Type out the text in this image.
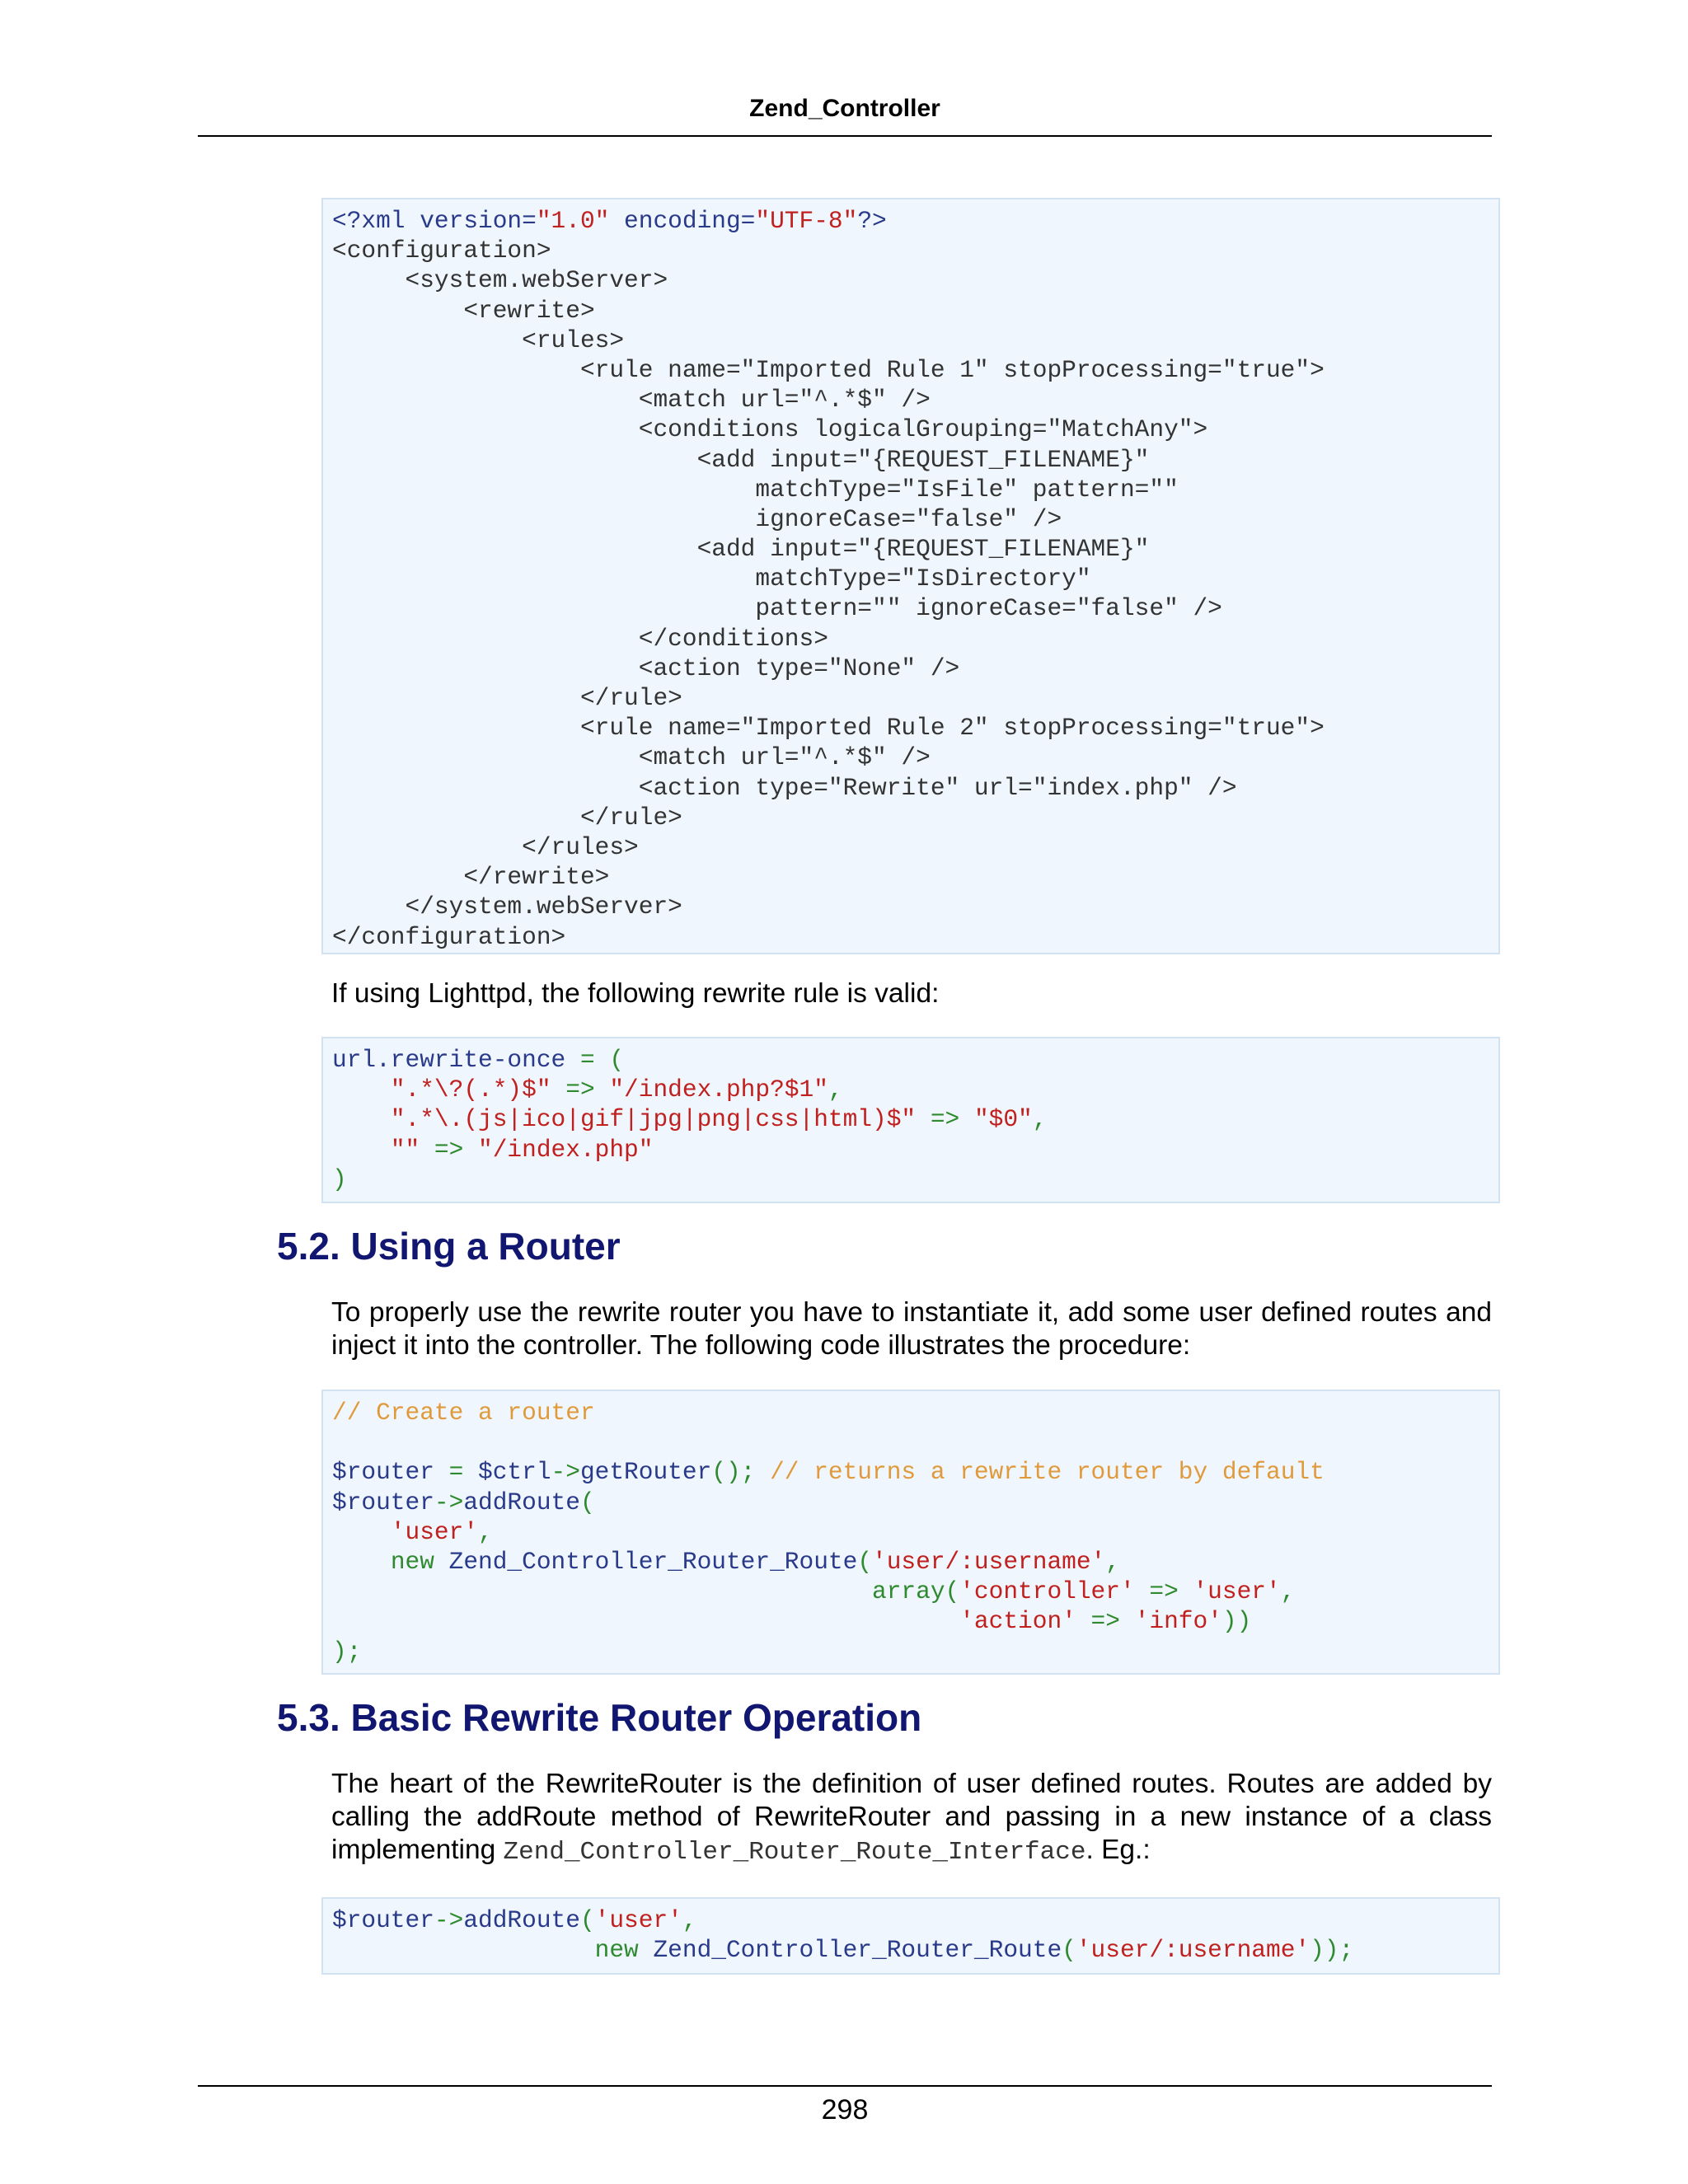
Zend_Controller
<?xml version="1.0" encoding="UTF-8"?>
<configuration>
<system.webServer>
<rewrite>
<rules>
<rule name="Imported Rule 1" stopProcessing="true">
<match url="^.*$" />
<conditions logicalGrouping="MatchAny">
<add input="{REQUEST_FILENAME}"
matchType="IsFile" pattern=""
ignoreCase="false" />
<add input="{REQUEST_FILENAME}"
matchType="IsDirectory"
pattern="" ignoreCase="false" />
</conditions>
<action type="None" />
</rule>
<rule name="Imported Rule 2" stopProcessing="true">
<match url="^.*$" />
<action type="Rewrite" url="index.php" />
</rule>
</rules>
</rewrite>
</system.webServer>
</configuration>

If using Lighttpd, the following rewrite rule is valid:

url.rewrite-once = (
".*\?(.*)$" => "/index.php?$1",
".*\.(js|ico|gif|jpg|png|css|html)$" => "$0",
"" => "/index.php"
)
5.2. Using a Router

To properly use the rewrite router you have to instantiate it, add some user defined routes and inject it into the controller. The following code illustrates the procedure:

// Create a router
$router = $ctrl->getRouter(); // returns a rewrite router by default
$router->addRoute(
'user',
new Zend_Controller_Router_Route('user/:username',
array('controller' => 'user',
'action' => 'info'))
);
5.3. Basic Rewrite Router Operation

The heart of the RewriteRouter is the definition of user defined routes. Routes are added by calling the addRoute method of RewriteRouter and passing in a new instance of a class implementing Zend_Controller_Router_Route_Interface. Eg.:

$router->addRoute('user',
new Zend_Controller_Router_Route('user/:username'));
298
